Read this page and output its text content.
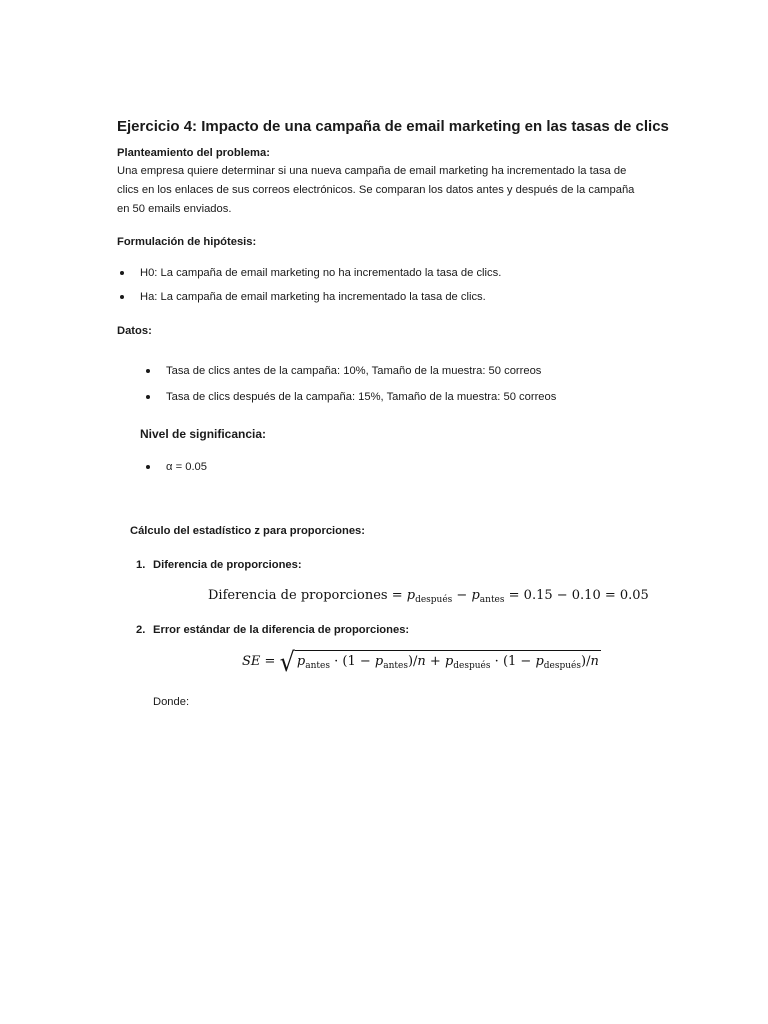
Ejercicio 4: Impacto de una campaña de email marketing en las tasas de clics
Planteamiento del problema:
Una empresa quiere determinar si una nueva campaña de email marketing ha incrementado la tasa de
clics en los enlaces de sus correos electrónicos. Se comparan los datos antes y después de la campaña
en 50 emails enviados.
Formulación de hipótesis:
H0: La campaña de email marketing no ha incrementado la tasa de clics.
Ha: La campaña de email marketing ha incrementado la tasa de clics.
Datos:
Tasa de clics antes de la campaña: 10%, Tamaño de la muestra: 50 correos
Tasa de clics después de la campaña: 15%, Tamaño de la muestra: 50 correos
Nivel de significancia:
α = 0.05
Cálculo del estadístico z para proporciones:
1. Diferencia de proporciones:
Diferencia de proporciones = $p_{después} - p_{antes} = 0.15 - 0.10 = 0.05$
2. Error estándar de la diferencia de proporciones:
SE = √ $p_{antes} \cdot (1 - p_{antes})/n + p_{después} \cdot (1 - p_{después})/n$
Donde:
